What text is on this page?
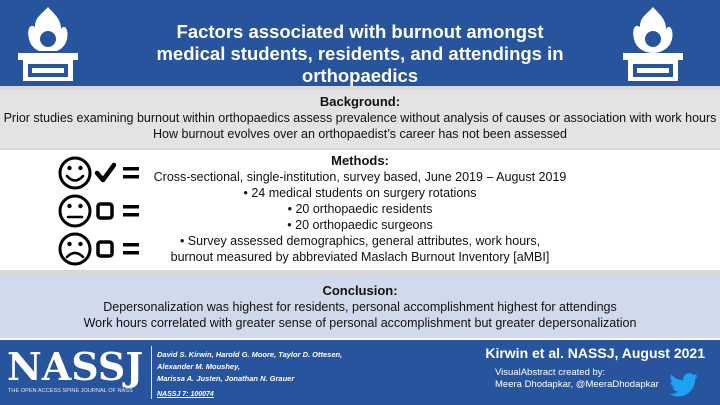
Factors associated with burnout amongst
medical students, residents, and attendings in orthopaedics
Background:
Prior studies examining burnout within orthopaedics assess prevalence without analysis of causes or association with work hours
How burnout evolves over an orthopaedist’s career has not been assessed
Methods:
Cross-sectional, single-institution, survey based, June 2019 – August 2019
• 24 medical students on surgery rotations
• 20 orthopaedic residents
• 20 orthopaedic surgeons
• Survey assessed demographics, general attributes, work hours,
burnout measured by abbreviated Maslach Burnout Inventory [aMBI]
Conclusion:
Depersonalization was highest for residents, personal accomplishment highest for attendings
Work hours correlated with greater sense of personal accomplishment but greater depersonalization
NASSJ
THE OPEN ACCESS SPINE JOURNAL OF NASS
David S. Kirwin, Harold G. Moore, Taylor D. Ottesen, Alexander M. Moushey,
Marissa A. Justen, Jonathan N. Grauer
NASSJ 7: 100074
Kirwin et al. NASSJ, August 2021
VisualAbstract created by:
Meera Dhodapkar, @MeeraDhodapkar
